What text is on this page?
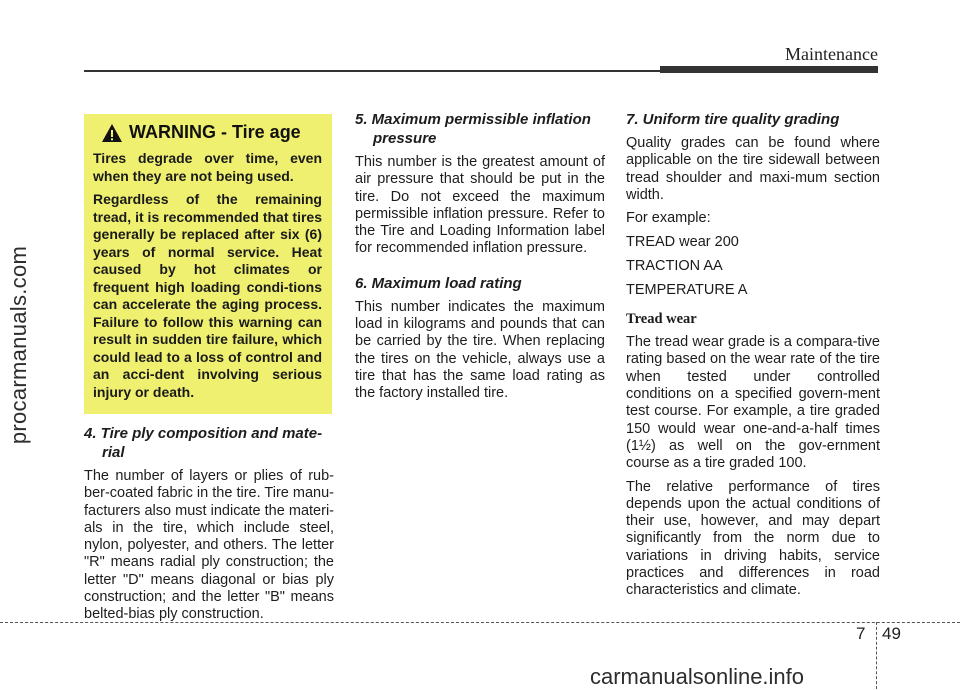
Maintenance
procarmanuals.com
WARNING - Tire age

Tires degrade over time, even when they are not being used.

Regardless of the remaining tread, it is recommended that tires generally be replaced after six (6) years of normal service. Heat caused by hot climates or frequent high loading condi-tions can accelerate the aging process. Failure to follow this warning can result in sudden tire failure, which could lead to a loss of control and an acci-dent involving serious injury or death.

4. Tire ply composition and mate-
rial

The number of layers or plies of rub-ber-coated fabric in the tire. Tire manu-facturers also must indicate the materi-als in the tire, which include steel, nylon, polyester, and others. The letter "R" means radial ply construction; the letter "D" means diagonal or bias ply construction; and the letter "B" means belted-bias ply construction.

5. Maximum permissible inflation
pressure

This number is the greatest amount of air pressure that should be put in the tire. Do not exceed the maximum permissible inflation pressure. Refer to the Tire and Loading Information label for recommended inflation pressure.

6. Maximum load rating

This number indicates the maximum load in kilograms and pounds that can be carried by the tire. When replacing the tires on the vehicle, always use a tire that has the same load rating as the factory installed tire.

7. Uniform tire quality grading

Quality grades can be found where applicable on the tire sidewall between tread shoulder and maxi-mum section width.

For example:

TREAD wear 200

TRACTION AA

TEMPERATURE A

Tread wear

The tread wear grade is a compara-tive rating based on the wear rate of the tire when tested under controlled conditions on a specified govern-ment test course. For example, a tire graded 150 would wear one-and-a-half times (1½) as well on the gov-ernment course as a tire graded 100.

The relative performance of tires depends upon the actual conditions of their use, however, and may depart significantly from the norm due to variations in driving habits, service practices and differences in road characteristics and climate.

7 49
carmanualsonline.info
